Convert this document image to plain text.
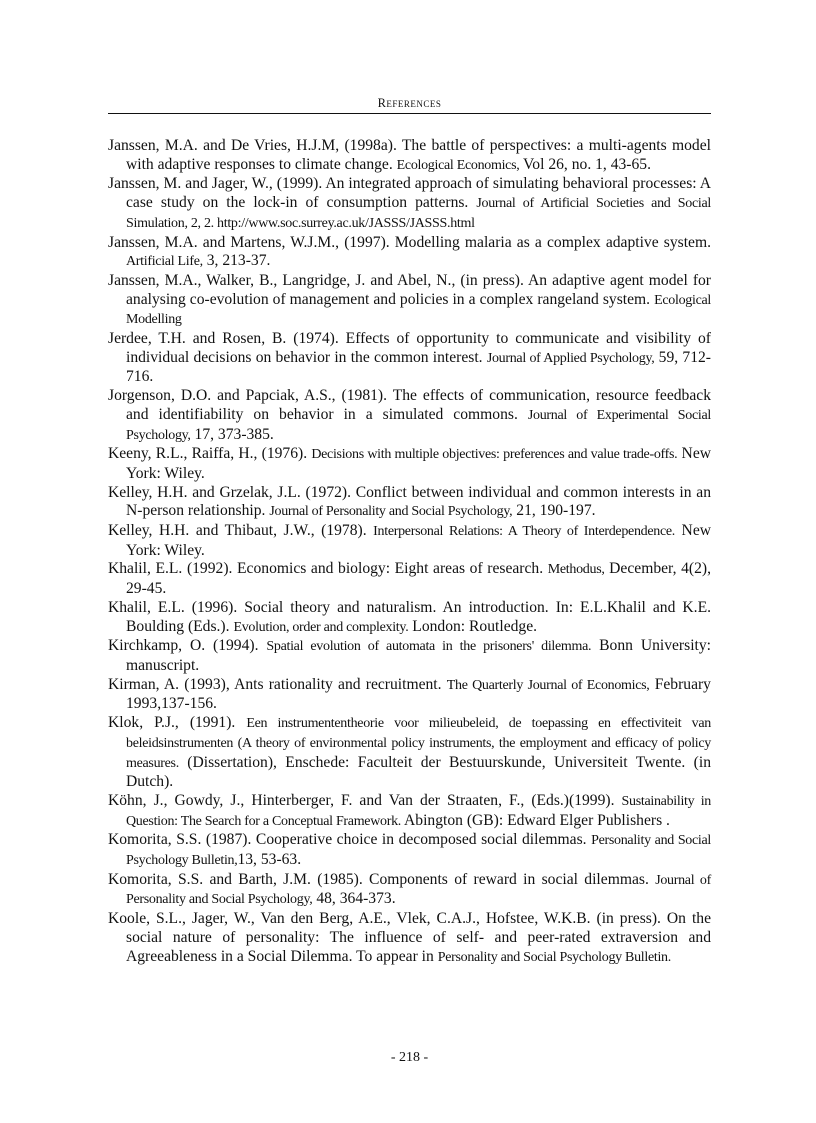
References
Janssen, M.A. and De Vries, H.J.M, (1998a). The battle of perspectives: a multi-agents model with adaptive responses to climate change. Ecological Economics, Vol 26, no. 1, 43-65.
Janssen, M. and Jager, W., (1999). An integrated approach of simulating behavioral processes: A case study on the lock-in of consumption patterns. Journal of Artificial Societies and Social Simulation, 2, 2. http://www.soc.surrey.ac.uk/JASSS/JASSS.html
Janssen, M.A. and Martens, W.J.M., (1997). Modelling malaria as a complex adaptive system. Artificial Life, 3, 213-37.
Janssen, M.A., Walker, B., Langridge, J. and Abel, N., (in press). An adaptive agent model for analysing co-evolution of management and policies in a complex rangeland system. Ecological Modelling
Jerdee, T.H. and Rosen, B. (1974). Effects of opportunity to communicate and visibility of individual decisions on behavior in the common interest. Journal of Applied Psychology, 59, 712-716.
Jorgenson, D.O. and Papciak, A.S., (1981). The effects of communication, resource feedback and identifiability on behavior in a simulated commons. Journal of Experimental Social Psychology, 17, 373-385.
Keeny, R.L., Raiffa, H., (1976). Decisions with multiple objectives: preferences and value trade-offs. New York: Wiley.
Kelley, H.H. and Grzelak, J.L. (1972). Conflict between individual and common interests in an N-person relationship. Journal of Personality and Social Psychology, 21, 190-197.
Kelley, H.H. and Thibaut, J.W., (1978). Interpersonal Relations: A Theory of Interdependence. New York: Wiley.
Khalil, E.L. (1992). Economics and biology: Eight areas of research. Methodus, December, 4(2), 29-45.
Khalil, E.L. (1996). Social theory and naturalism. An introduction. In: E.L.Khalil and K.E. Boulding (Eds.). Evolution, order and complexity. London: Routledge.
Kirchkamp, O. (1994). Spatial evolution of automata in the prisoners' dilemma. Bonn University: manuscript.
Kirman, A. (1993), Ants rationality and recruitment. The Quarterly Journal of Economics, February 1993,137-156.
Klok, P.J., (1991). Een instrumententheorie voor milieubeleid, de toepassing en effectiviteit van beleidsinstrumenten (A theory of environmental policy instruments, the employment and efficacy of policy measures. (Dissertation), Enschede: Faculteit der Bestuurskunde, Universiteit Twente. (in Dutch).
Köhn, J., Gowdy, J., Hinterberger, F. and Van der Straaten, F., (Eds.)(1999). Sustainability in Question: The Search for a Conceptual Framework. Abington (GB): Edward Elger Publishers .
Komorita, S.S. (1987). Cooperative choice in decomposed social dilemmas. Personality and Social Psychology Bulletin,13, 53-63.
Komorita, S.S. and Barth, J.M. (1985). Components of reward in social dilemmas. Journal of Personality and Social Psychology, 48, 364-373.
Koole, S.L., Jager, W., Van den Berg, A.E., Vlek, C.A.J., Hofstee, W.K.B. (in press). On the social nature of personality: The influence of self- and peer-rated extraversion and Agreeableness in a Social Dilemma. To appear in Personality and Social Psychology Bulletin.
- 218 -
